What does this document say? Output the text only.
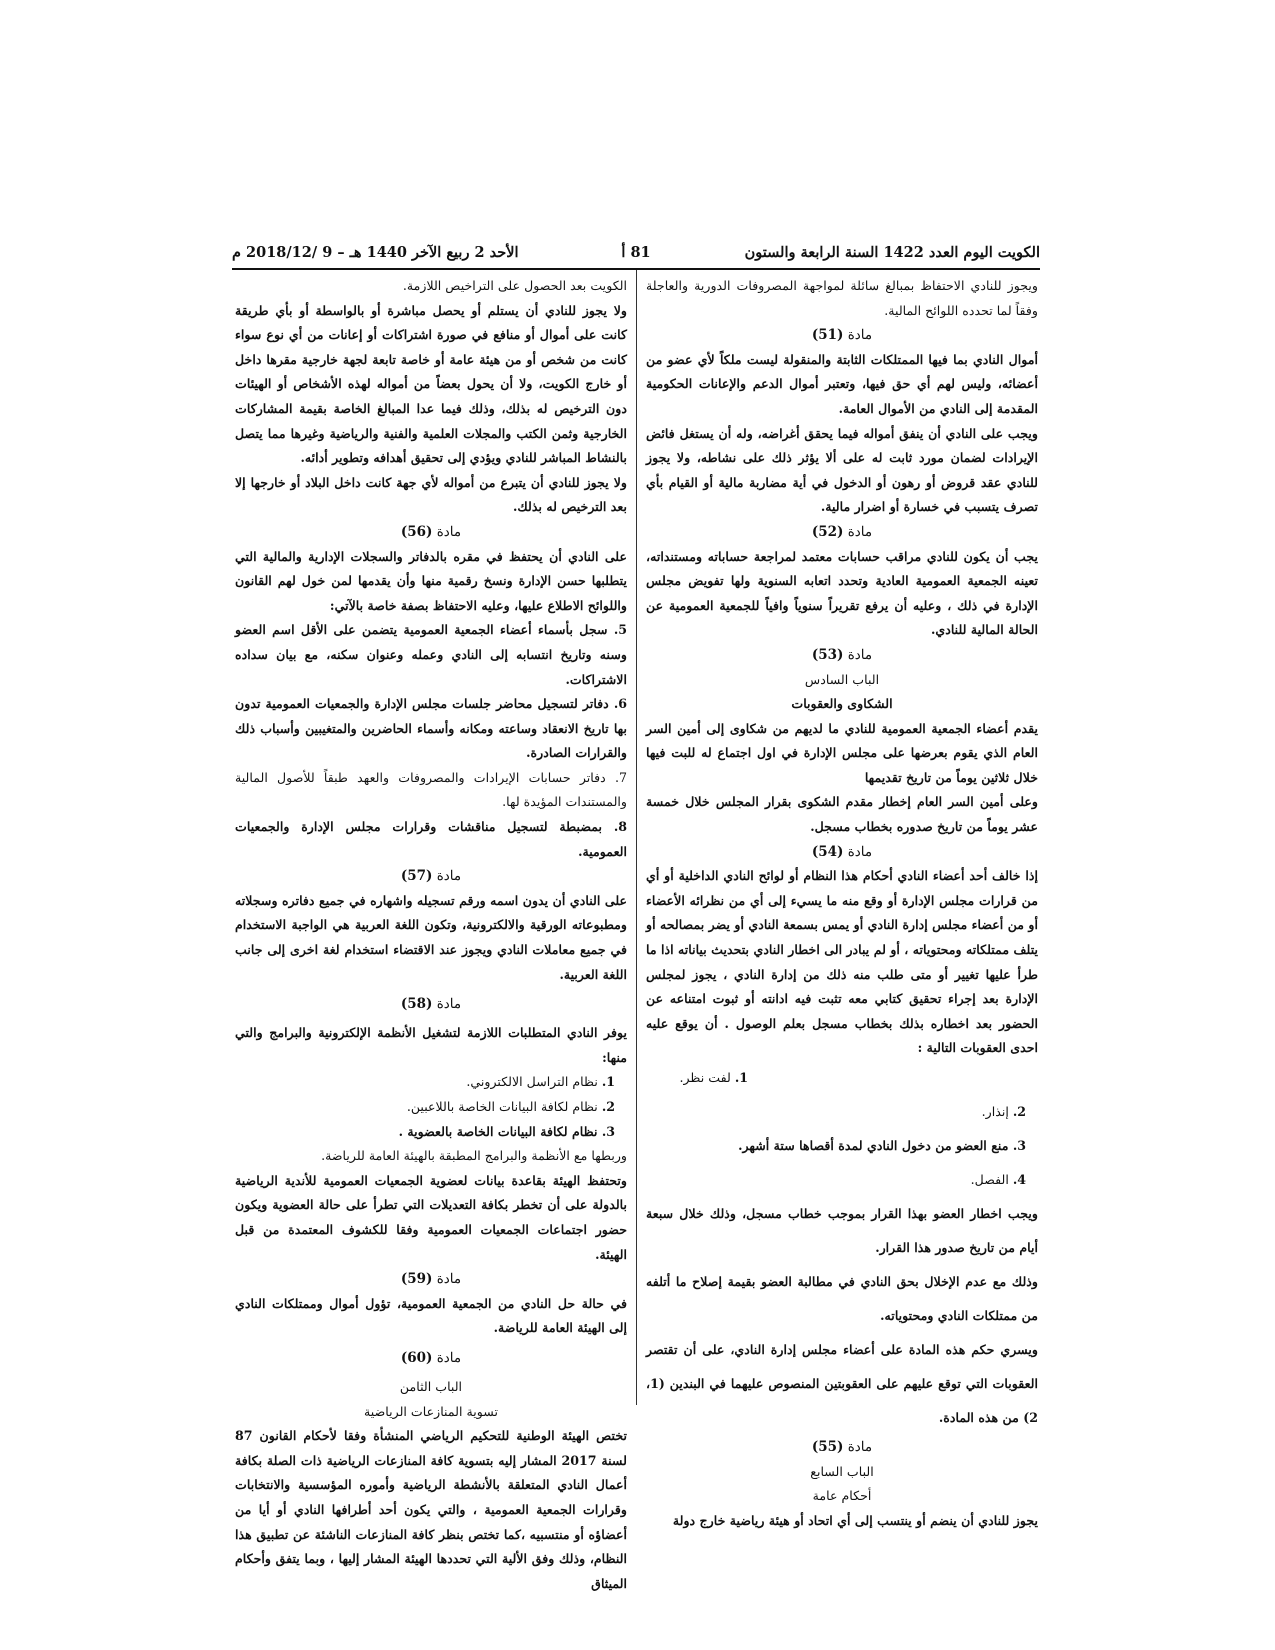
الكويت اليوم العدد 1422 السنة الرابعة والستون
81 أ
الأحد 2 ربيع الآخر 1440 هـ – 9 /2018/12 م

ويجوز للنادي الاحتفاظ بمبالغ سائلة لمواجهة المصروفات الدورية والعاجلة وفقاً لما تحدده اللوائح المالية.

مادة (51)

أموال النادي بما فيها الممتلكات الثابتة والمنقولة ليست ملكاً لأي عضو من أعضائه، وليس لهم أي حق فيها، وتعتبر أموال الدعم والإعانات الحكومية المقدمة إلى النادي من الأموال العامة.

ويجب على النادي أن ينفق أمواله فيما يحقق أغراضه، وله أن يستغل فائض الإيرادات لضمان مورد ثابت له على ألا يؤثر ذلك على نشاطه، ولا يجوز للنادي عقد قروض أو رهون أو الدخول في أية مضاربة مالية أو القيام بأي تصرف يتسبب في خسارة أو اضرار مالية.

مادة (52)

يجب أن يكون للنادي مراقب حسابات معتمد لمراجعة حساباته ومستنداته، تعينه الجمعية العمومية العادية وتحدد اتعابه السنوية ولها تفويض مجلس الإدارة في ذلك ، وعليه أن يرفع تقريراً سنوياً وافياً للجمعية العمومية عن الحالة المالية للنادي.

مادة (53)

الباب السادس

الشكاوى والعقوبات

يقدم أعضاء الجمعية العمومية للنادي ما لديهم من شكاوى إلى أمين السر العام الذي يقوم بعرضها على مجلس الإدارة في اول اجتماع له للبت فيها خلال ثلاثين يوماً من تاريخ تقديمها

وعلى أمين السر العام إخطار مقدم الشكوى بقرار المجلس خلال خمسة عشر يوماً من تاريخ صدوره بخطاب مسجل.

مادة (54)

إذا خالف أحد أعضاء النادي أحكام هذا النظام أو لوائح النادي الداخلية أو أي من قرارات مجلس الإدارة أو وقع منه ما يسيء إلى أي من نظرائه الأعضاء أو من أعضاء مجلس إدارة النادي أو يمس بسمعة النادي أو يضر بمصالحه أو يتلف ممتلكاته ومحتوياته ، أو لم يبادر الى اخطار النادي بتحديث بياناته اذا ما طرأ عليها تغيير أو متى طلب منه ذلك من إدارة النادي ، يجوز لمجلس الإدارة بعد إجراء تحقيق كتابي معه تثبت فيه ادانته أو ثبوت امتناعه عن الحضور بعد اخطاره بذلك بخطاب مسجل بعلم الوصول . أن يوقع عليه احدى العقوبات التالية :

1. لفت نظر.

2. إنذار.

3. منع العضو من دخول النادي لمدة أقصاها ستة أشهر.

4. الفصل.

ويجب اخطار العضو بهذا القرار بموجب خطاب مسجل، وذلك خلال سبعة أيام من تاريخ صدور هذا القرار.

وذلك مع عدم الإخلال بحق النادي في مطالبة العضو بقيمة إصلاح ما أتلفه من ممتلكات النادي ومحتوياته.

ويسري حكم هذه المادة على أعضاء مجلس إدارة النادي، على أن تقتصر العقوبات التي توقع عليهم على العقوبتين المنصوص عليهما في البندين (1، 2) من هذه المادة.

مادة (55)

الباب السابع

أحكام عامة

يجوز للنادي أن ينضم أو ينتسب إلى أي اتحاد أو هيئة رياضية خارج دولة

الكويت بعد الحصول على التراخيص اللازمة.

ولا يجوز للنادي أن يستلم أو يحصل مباشرة أو بالواسطة أو بأي طريقة كانت على أموال أو منافع في صورة اشتراكات أو إعانات من أي نوع سواء كانت من شخص أو من هيئة عامة أو خاصة تابعة لجهة خارجية مقرها داخل أو خارج الكويت، ولا أن يحول بعضاً من أمواله لهذه الأشخاص أو الهيئات دون الترخيص له بذلك، وذلك فيما عدا المبالغ الخاصة بقيمة المشاركات الخارجية وثمن الكتب والمجلات العلمية والفنية والرياضية وغيرها مما يتصل بالنشاط المباشر للنادي ويؤدي إلى تحقيق أهدافه وتطوير أدائه.

ولا يجوز للنادي أن يتبرع من أمواله لأي جهة كانت داخل البلاد أو خارجها إلا بعد الترخيص له بذلك.

مادة (56)

على النادي أن يحتفظ في مقره بالدفاتر والسجلات الإدارية والمالية التي يتطلبها حسن الإدارة ونسخ رقمية منها وأن يقدمها لمن خول لهم القانون واللوائح الاطلاع عليها، وعليه الاحتفاظ بصفة خاصة بالآتي:

5. سجل بأسماء أعضاء الجمعية العمومية يتضمن على الأقل اسم العضو وسنه وتاريخ انتسابه إلى النادي وعمله وعنوان سكنه، مع بيان سداده الاشتراكات.

6. دفاتر لتسجيل محاضر جلسات مجلس الإدارة والجمعيات العمومية تدون بها تاريخ الانعقاد وساعته ومكانه وأسماء الحاضرين والمتغيبين وأسباب ذلك والقرارات الصادرة.

7. دفاتر حسابات الإيرادات والمصروفات والعهد طبقاً للأصول المالية والمستندات المؤيدة لها.

8. بمضبطة لتسجيل مناقشات وقرارات مجلس الإدارة والجمعيات العمومية.

مادة (57)

على النادي أن يدون اسمه ورقم تسجيله واشهاره في جميع دفاتره وسجلاته ومطبوعاته الورقية والالكترونية، وتكون اللغة العربية هي الواجبة الاستخدام في جميع معاملات النادي ويجوز عند الاقتضاء استخدام لغة اخرى إلى جانب اللغة العربية.

مادة (58)

يوفر النادي المتطلبات اللازمة لتشغيل الأنظمة الإلكترونية والبرامج والتي منها:

1. نظام التراسل الالكتروني.

2. نظام لكافة البيانات الخاصة باللاعبين.

3. نظام لكافة البيانات الخاصة بالعضوية .

وربطها مع الأنظمة والبرامج المطبقة بالهيئة العامة للرياضة.

وتحتفظ الهيئة بقاعدة بيانات لعضوية الجمعيات العمومية للأندية الرياضية بالدولة على أن تخطر بكافة التعديلات التي تطرأ على حالة العضوية ويكون حضور اجتماعات الجمعيات العمومية وفقا للكشوف المعتمدة من قبل الهيئة.

مادة (59)

في حالة حل النادي من الجمعية العمومية، تؤول أموال وممتلكات النادي إلى الهيئة العامة للرياضة.

مادة (60)

الباب الثامن

تسوية المنازعات الرياضية

تختص الهيئة الوطنية للتحكيم الرياضي المنشأة وفقا لأحكام القانون 87 لسنة 2017 المشار إليه بتسوية كافة المنازعات الرياضية ذات الصلة بكافة أعمال النادي المتعلقة بالأنشطة الرياضية وأموره المؤسسية والانتخابات وقرارات الجمعية العمومية ، والتي يكون أحد أطرافها النادي أو أيا من أعضاؤه أو منتسبيه ،كما تختص بنظر كافة المنازعات الناشئة عن تطبيق هذا النظام، وذلك وفق الألية التي تحددها الهيئة المشار إليها ، وبما يتفق وأحكام الميثاق
